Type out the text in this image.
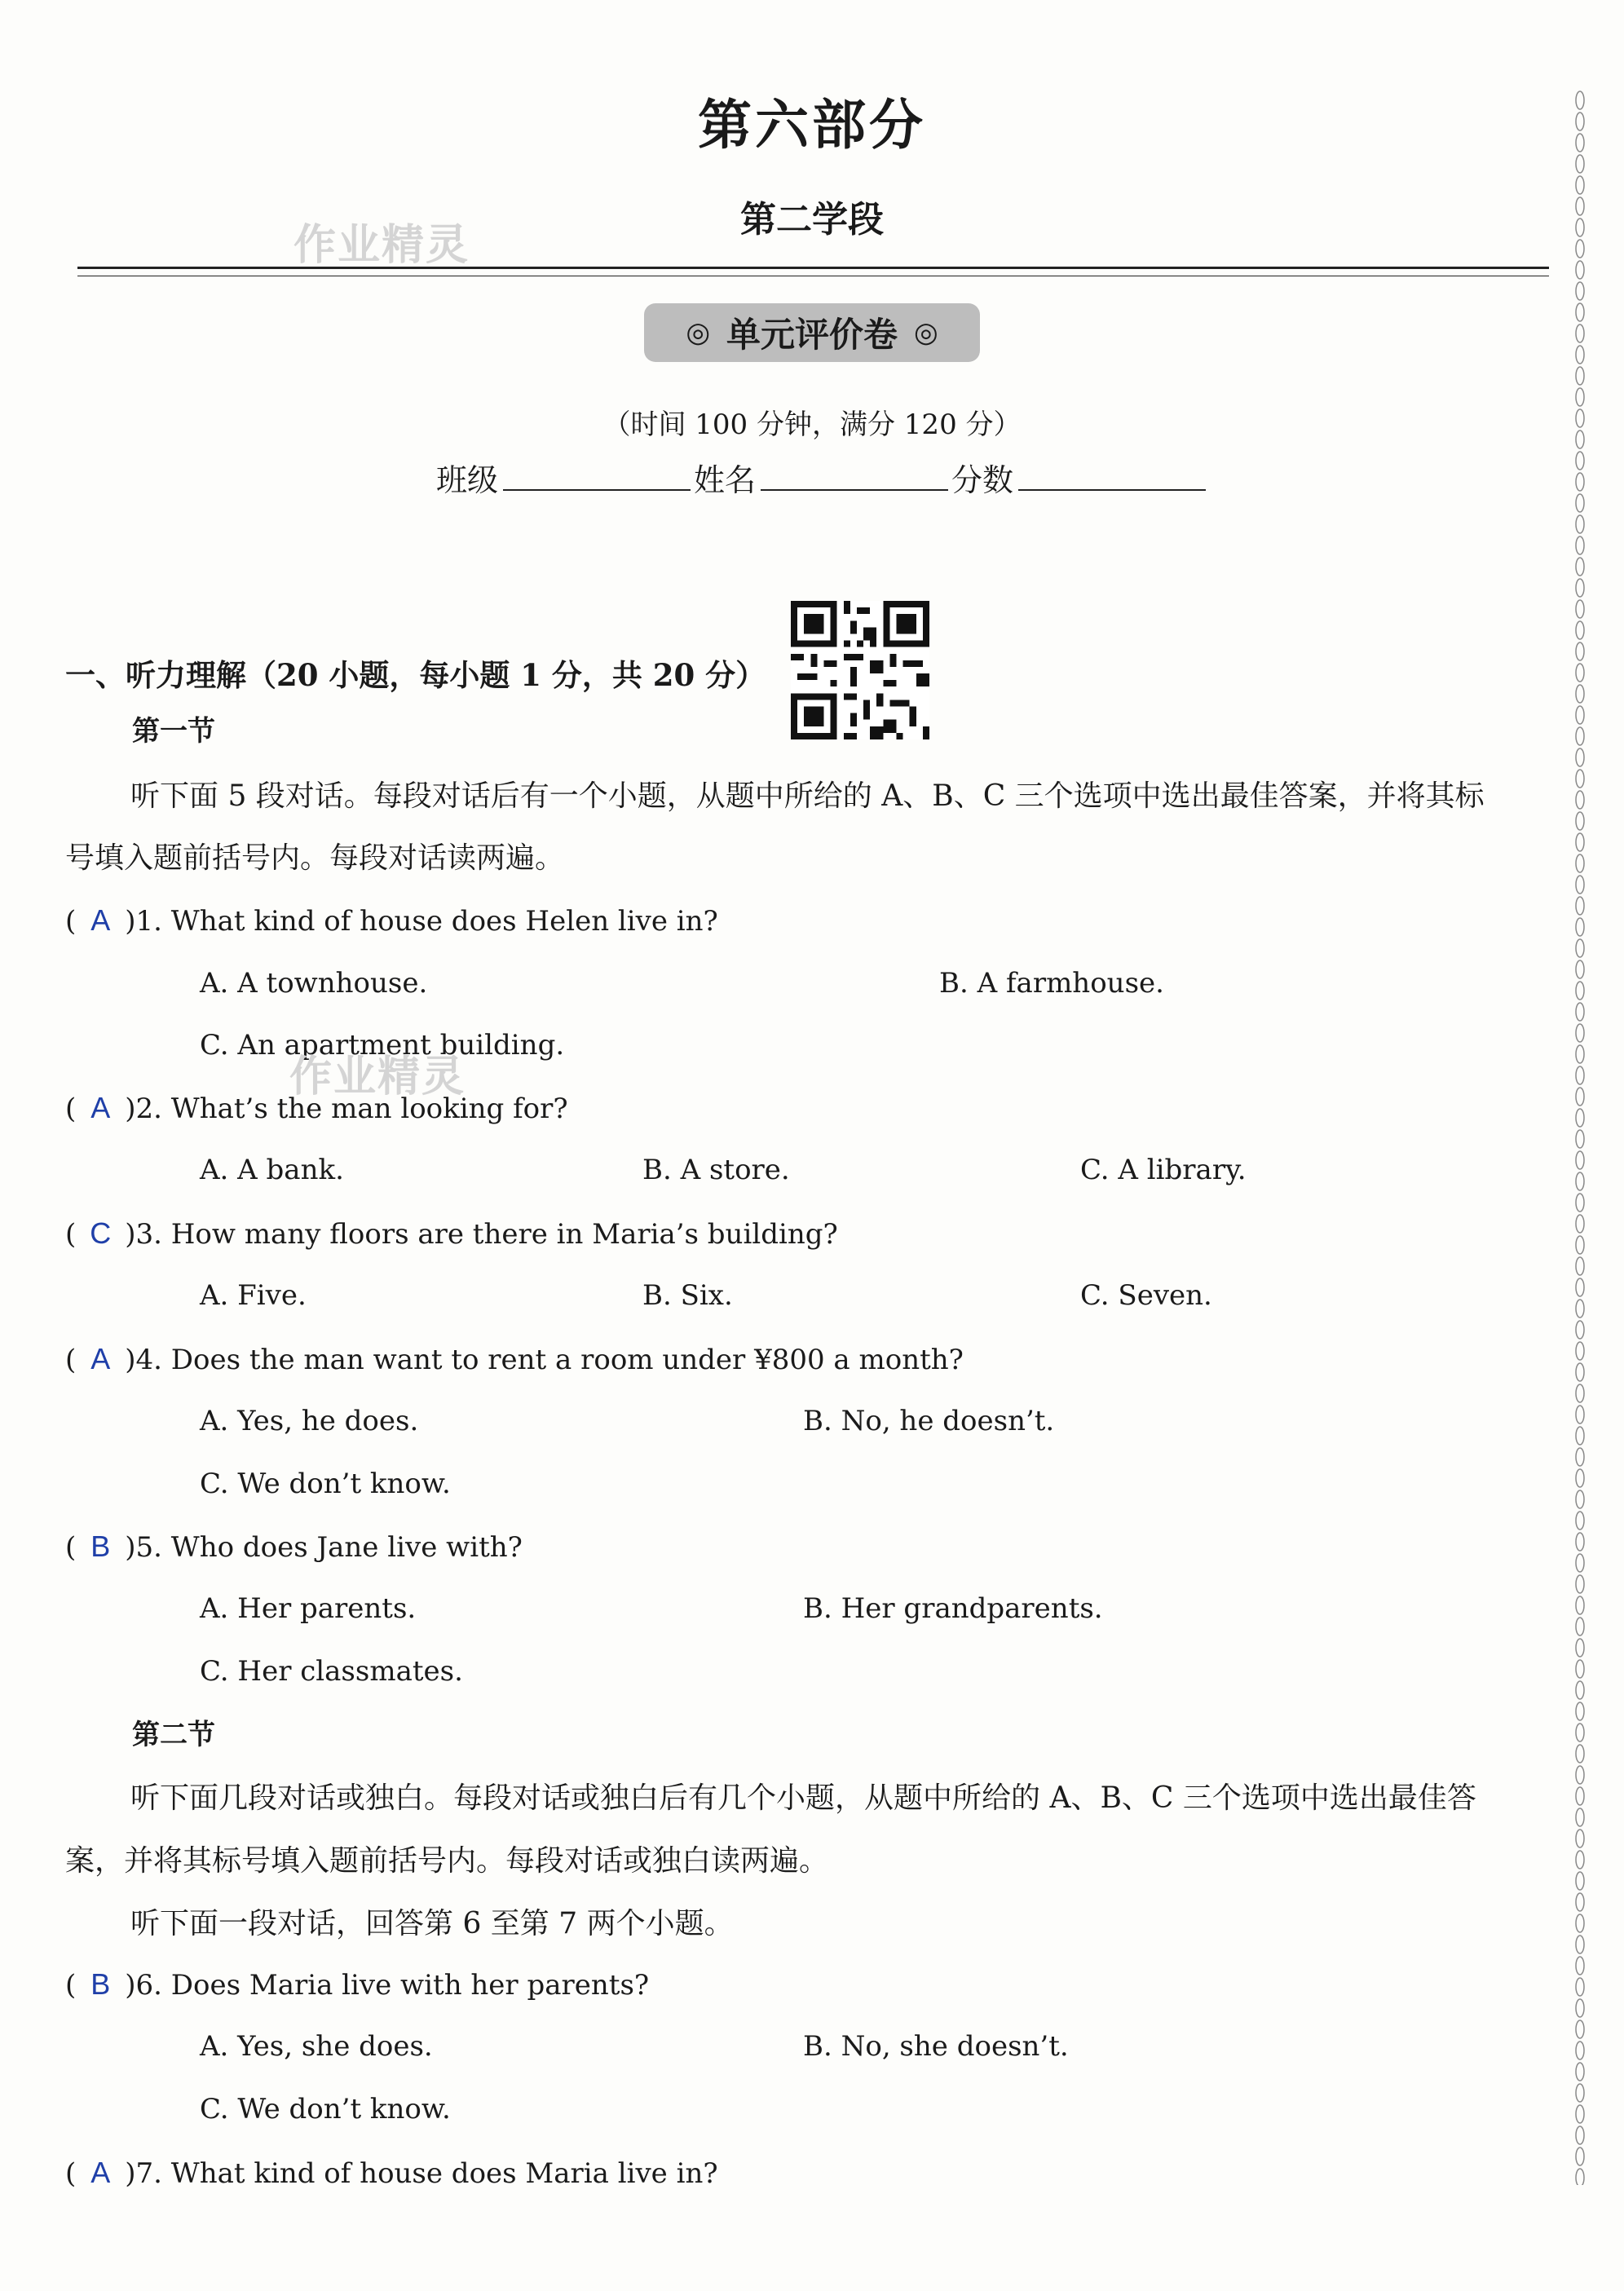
第六部分
第二学段
作业精灵
◎ 单元评价卷 ◎
（时间 100 分钟，满分 120 分）
班级	姓名	分数
一、听力理解（20 小题，每小题 1 分，共 20 分）
第一节
听下面 5 段对话。每段对话后有一个小题，从题中所给的 A、B、C 三个选项中选出最佳答案，并将其标
号填入题前括号内。每段对话读两遍。
( A )1. What kind of house does Helen live in?
A. A townhouse.	B. A farmhouse.
C. An apartment building.
作业精灵
( A )2. What’s the man looking for?
A. A bank.	B. A store.	C. A library.
( C )3. How many floors are there in Maria’s building?
A. Five.	B. Six.	C. Seven.
( A )4. Does the man want to rent a room under ¥800 a month?
A. Yes, he does.	B. No, he doesn’t.
C. We don’t know.
( B )5. Who does Jane live with?
A. Her parents.	B. Her grandparents.
C. Her classmates.
第二节
听下面几段对话或独白。每段对话或独白后有几个小题，从题中所给的 A、B、C 三个选项中选出最佳答
案，并将其标号填入题前括号内。每段对话或独白读两遍。
听下面一段对话，回答第 6 至第 7 两个小题。
( B )6. Does Maria live with her parents?
A. Yes, she does.	B. No, she doesn’t.
C. We don’t know.
( A )7. What kind of house does Maria live in?
